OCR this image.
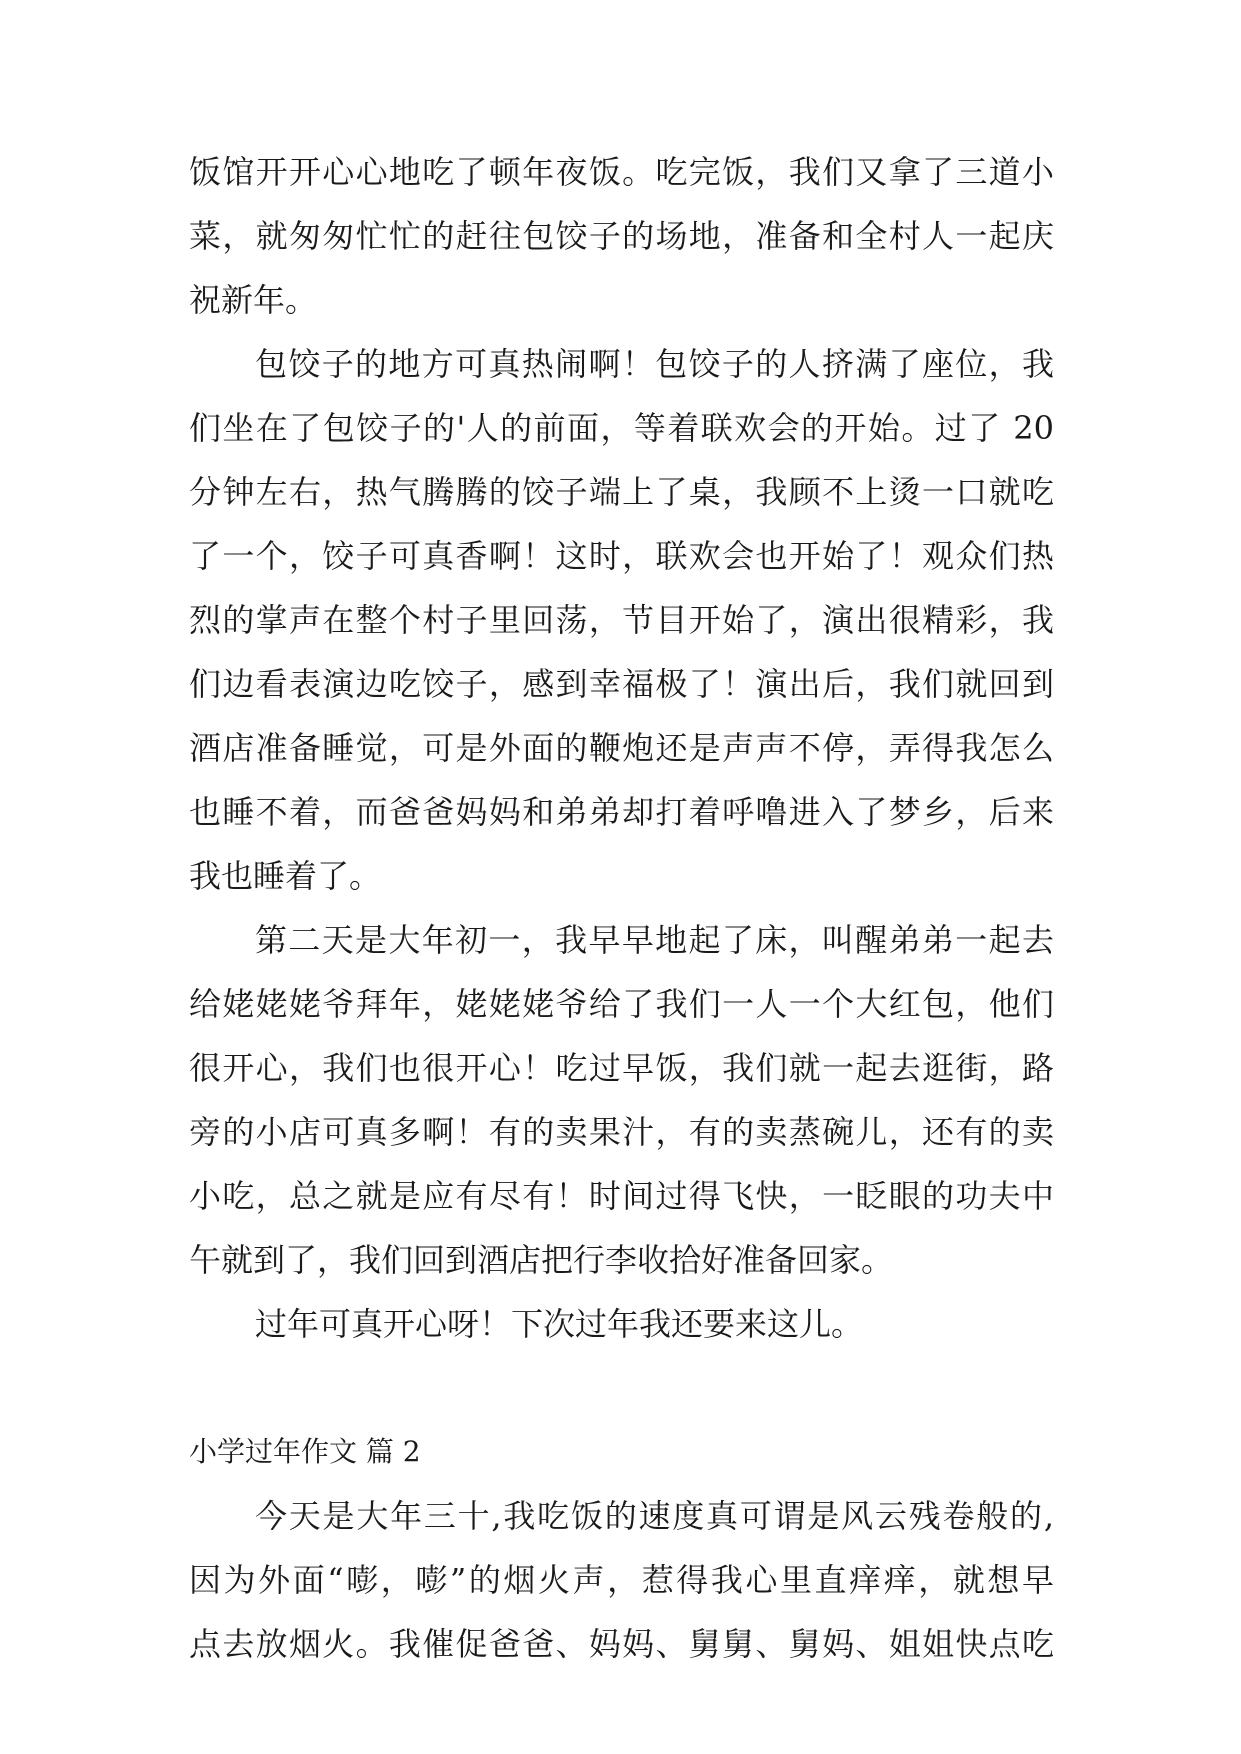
饭馆开开心心地吃了顿年夜饭。吃完饭，我们又拿了三道小
菜，就匆匆忙忙的赶往包饺子的场地，准备和全村人一起庆
祝新年。
包饺子的地方可真热闹啊！包饺子的人挤满了座位，我
们坐在了包饺子的'人的前面，等着联欢会的开始。过了 20
分钟左右，热气腾腾的饺子端上了桌，我顾不上烫一口就吃
了一个，饺子可真香啊！这时，联欢会也开始了！观众们热
烈的掌声在整个村子里回荡，节目开始了，演出很精彩，我
们边看表演边吃饺子，感到幸福极了！演出后，我们就回到
酒店准备睡觉，可是外面的鞭炮还是声声不停，弄得我怎么
也睡不着，而爸爸妈妈和弟弟却打着呼噜进入了梦乡，后来
我也睡着了。
第二天是大年初一，我早早地起了床，叫醒弟弟一起去
给姥姥姥爷拜年，姥姥姥爷给了我们一人一个大红包，他们
很开心，我们也很开心！吃过早饭，我们就一起去逛街，路
旁的小店可真多啊！有的卖果汁，有的卖蒸碗儿，还有的卖
小吃，总之就是应有尽有！时间过得飞快，一眨眼的功夫中
午就到了，我们回到酒店把行李收拾好准备回家。
过年可真开心呀！下次过年我还要来这儿。
小学过年作文 篇 2
今天是大年三十,我吃饭的速度真可谓是风云残卷般的,
因为外面“嘭，嘭”的烟火声，惹得我心里直痒痒，就想早
点去放烟火。我催促爸爸、妈妈、舅舅、舅妈、姐姐快点吃
